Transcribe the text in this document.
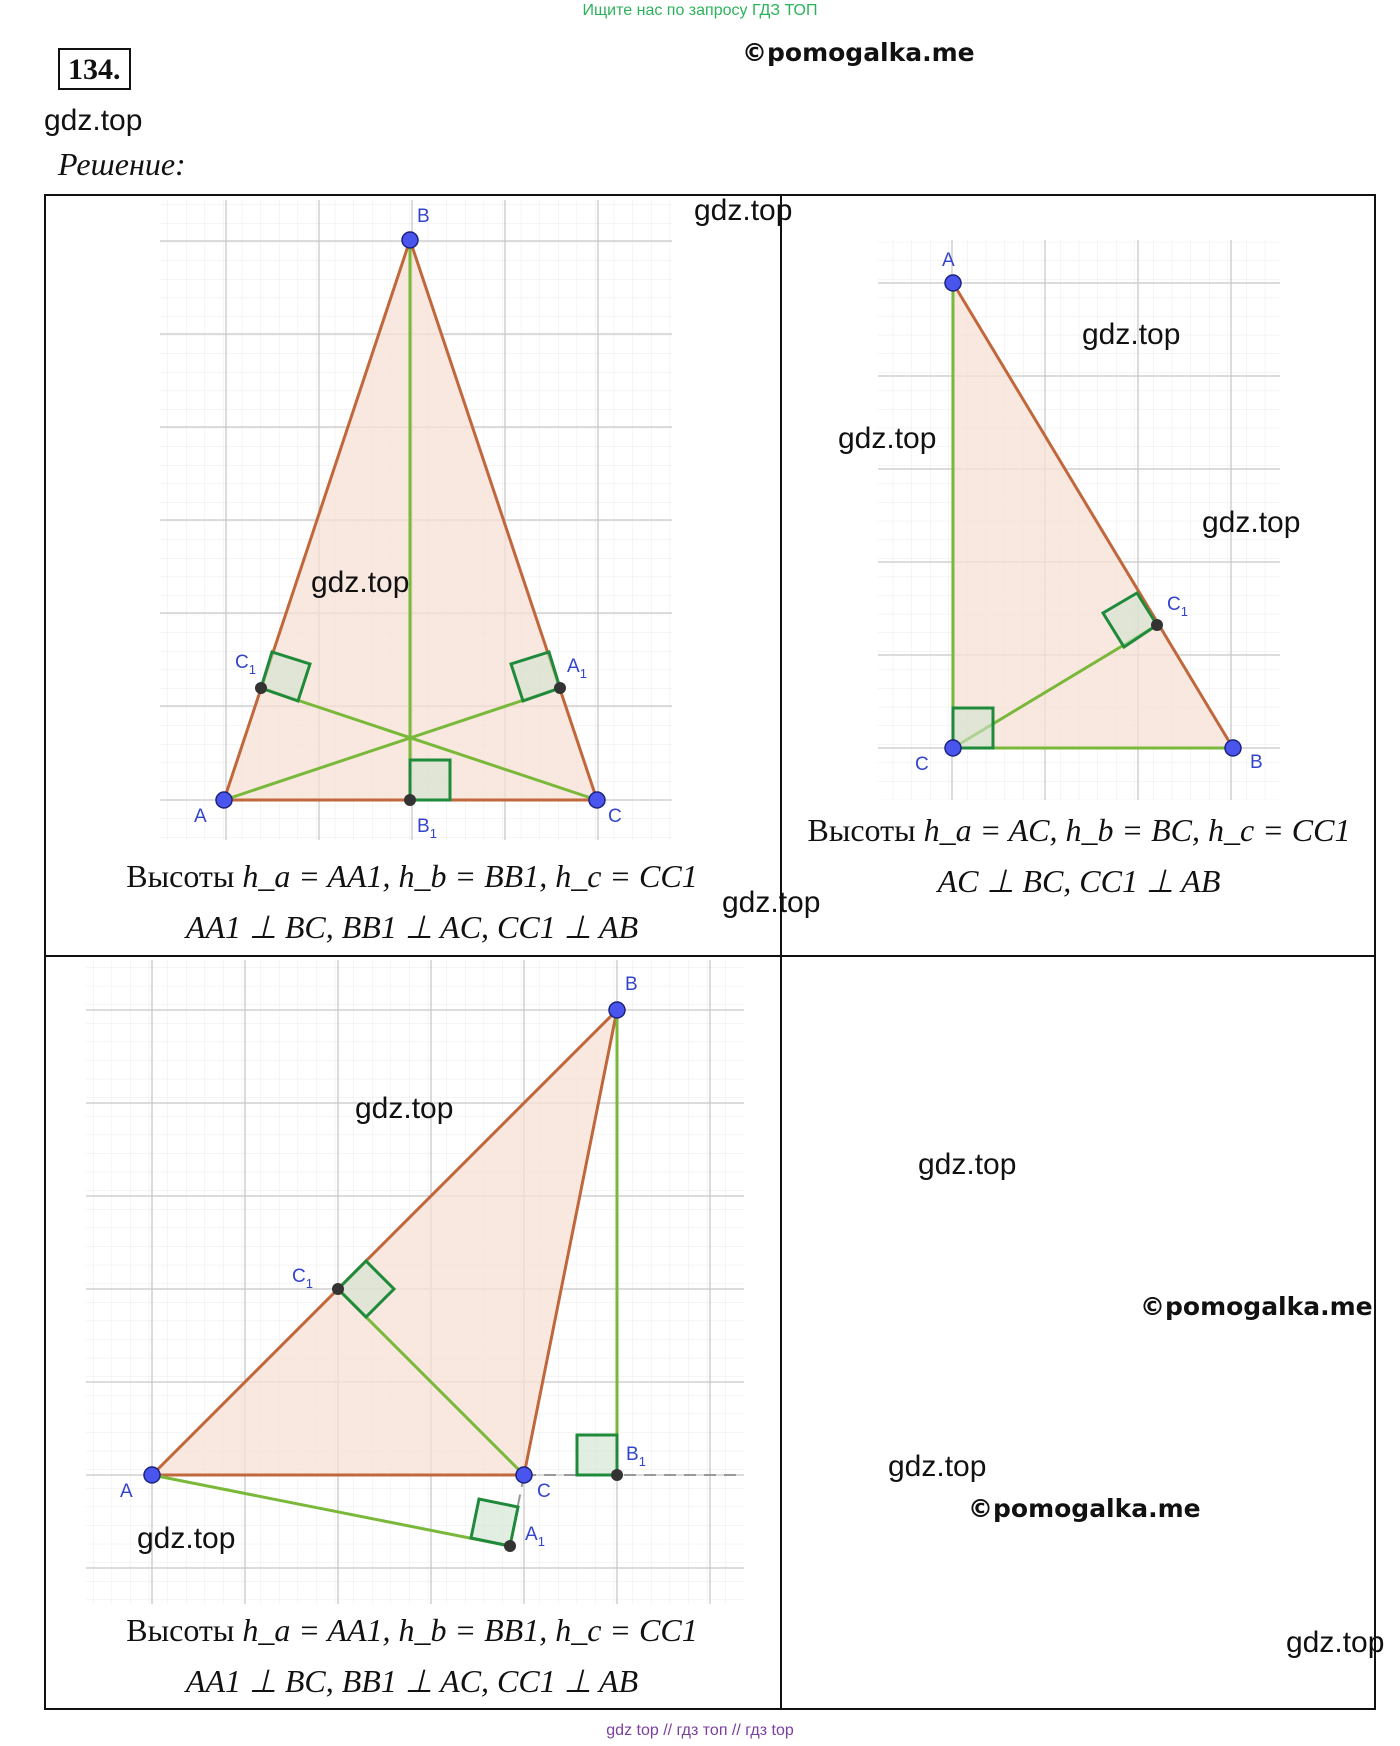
Ищите нас по запросу ГДЗ ТОП
134.
©pomogalka.me
gdz.top
Решение:
A
B
C
$B_1$
$C_1$	$A_1$
A
C	B
$C_1$
A
B
C
$B_1$
$C_1$
$A_1$
Высоты h_a = AA1, h_b = BB1, h_c = CC1
AA1 ⊥ BC, BB1 ⊥ AC, CC1 ⊥ AB
Высоты h_a = AC, h_b = BC, h_c = CC1
AC ⊥ BC, CC1 ⊥ AB
Высоты h_a = AA1, h_b = BB1, h_c = CC1
AA1 ⊥ BC, BB1 ⊥ AC, CC1 ⊥ AB
gdz.top
gdz.top
gdz.top
gdz.top
gdz.top
gdz.top
gdz.top
gdz.top
©pomogalka.me
gdz.top
©pomogalka.me
gdz.top
gdz.top
gdz top // гдз топ // гдз top
